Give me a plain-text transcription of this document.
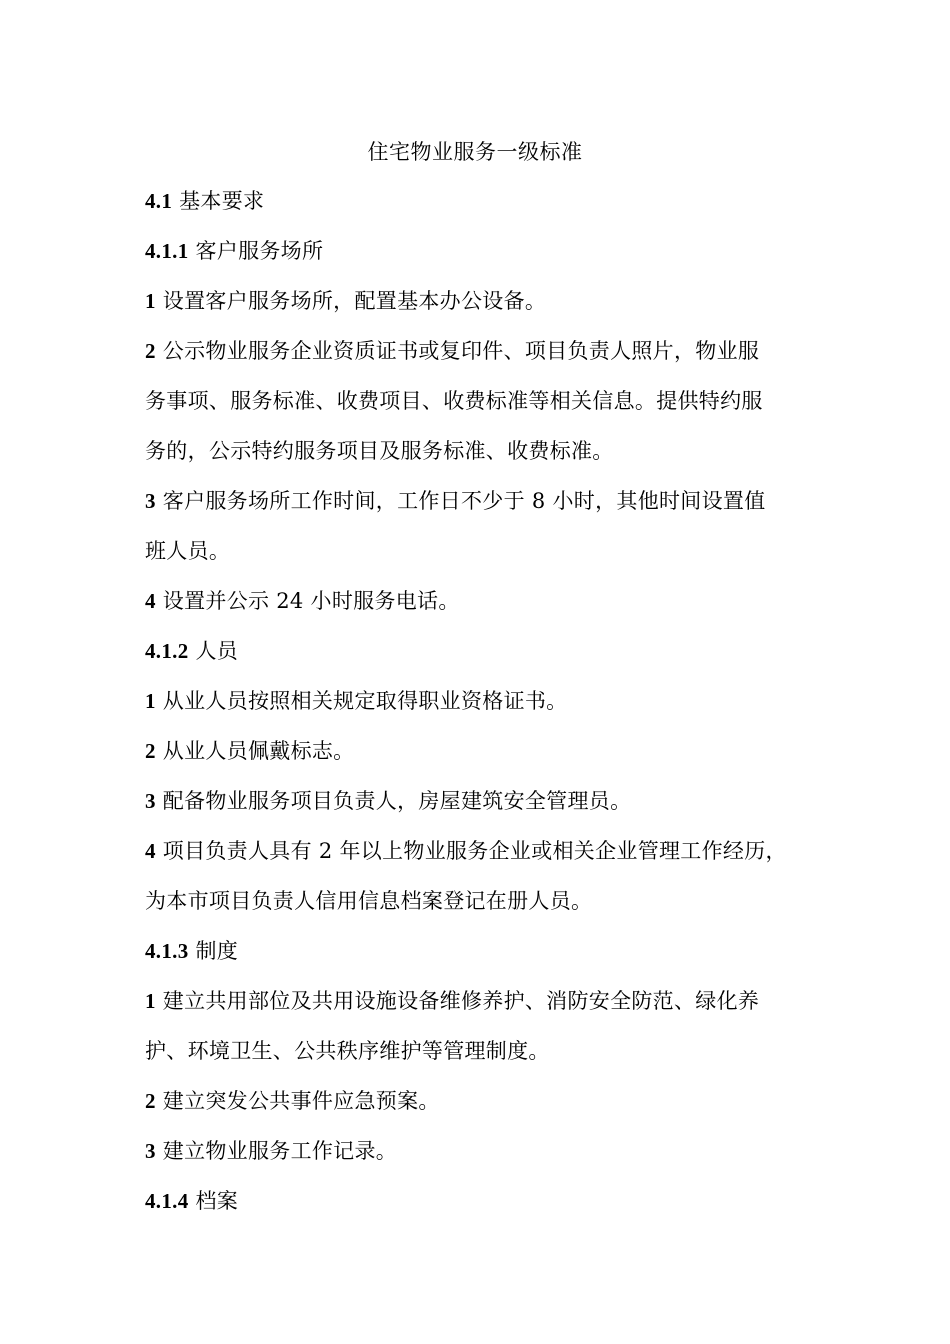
住宅物业服务一级标准
4.1 基本要求
4.1.1 客户服务场所
1 设置客户服务场所，配置基本办公设备。
2 公示物业服务企业资质证书或复印件、项目负责人照片，物业服
务事项、服务标准、收费项目、收费标准等相关信息。提供特约服
务的，公示特约服务项目及服务标准、收费标准。
3 客户服务场所工作时间，工作日不少于 8 小时，其他时间设置值
班人员。
4 设置并公示 24 小时服务电话。
4.1.2 人员
1 从业人员按照相关规定取得职业资格证书。
2 从业人员佩戴标志。
3 配备物业服务项目负责人，房屋建筑安全管理员。
4 项目负责人具有 2 年以上物业服务企业或相关企业管理工作经历，
为本市项目负责人信用信息档案登记在册人员。
4.1.3 制度
1 建立共用部位及共用设施设备维修养护、消防安全防范、绿化养
护、环境卫生、公共秩序维护等管理制度。
2 建立突发公共事件应急预案。
3 建立物业服务工作记录。
4.1.4 档案
